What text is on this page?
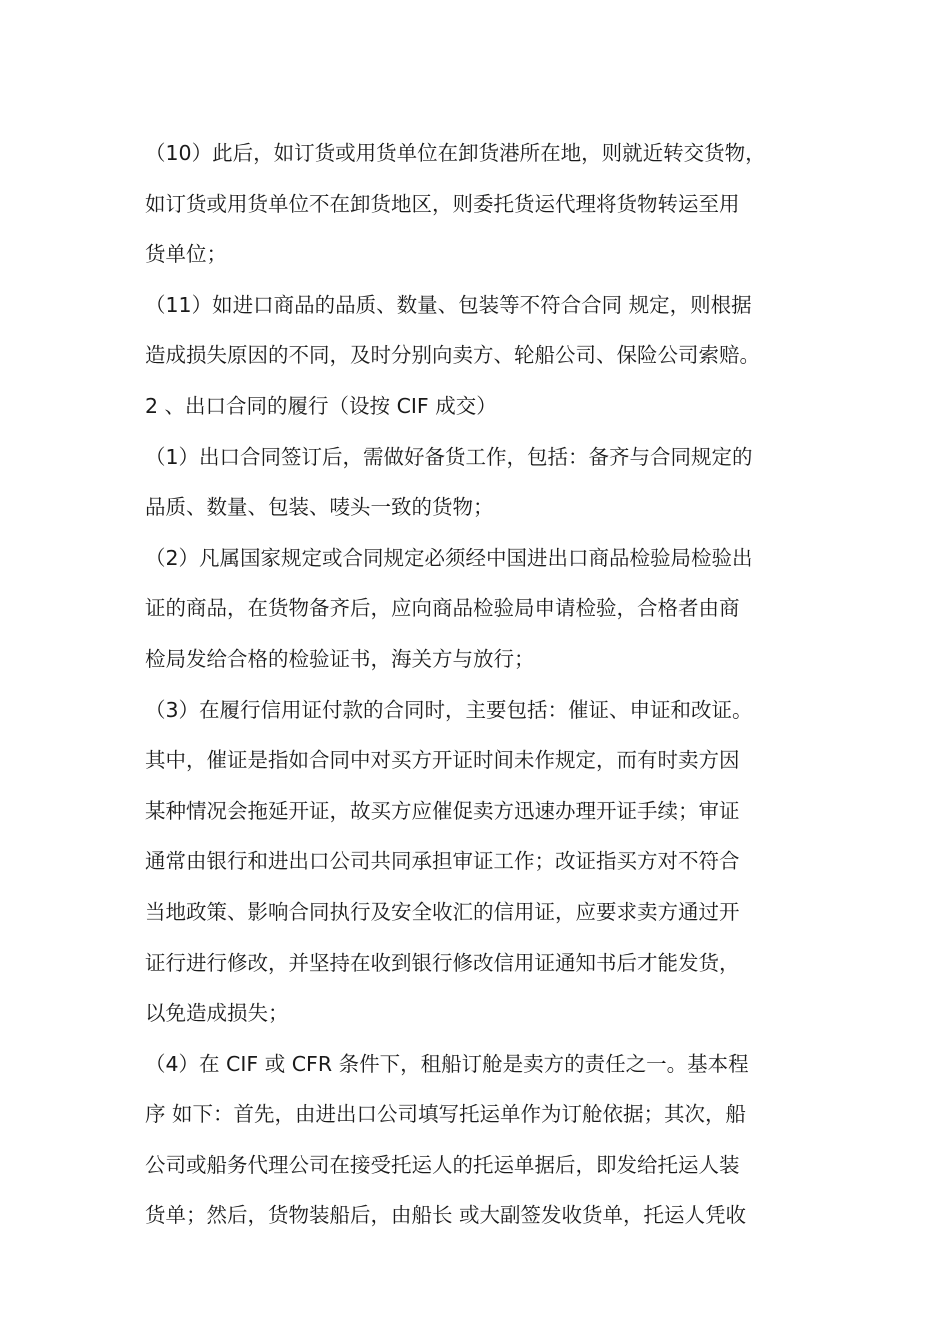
（10）此后，如订货或用货单位在卸货港所在地，则就近转交货物，
如订货或用货单位不在卸货地区，则委托货运代理将货物转运至用
货单位；
（11）如进口商品的品质、数量、包装等不符合合同 规定，则根据
造成损失原因的不同，及时分别向卖方、轮船公司、保险公司索赔。
2 、出口合同的履行（设按 CIF 成交）
（1）出口合同签订后，需做好备货工作，包括：备齐与合同规定的
品质、数量、包装、唛头一致的货物；
（2）凡属国家规定或合同规定必须经中国进出口商品检验局检验出
证的商品，在货物备齐后，应向商品检验局申请检验，合格者由商
检局发给合格的检验证书，海关方与放行；
（3）在履行信用证付款的合同时，主要包括：催证、申证和改证。
其中，催证是指如合同中对买方开证时间未作规定，而有时卖方因
某种情况会拖延开证，故买方应催促卖方迅速办理开证手续；审证
通常由银行和进出口公司共同承担审证工作；改证指买方对不符合
当地政策、影响合同执行及安全收汇的信用证，应要求卖方通过开
证行进行修改，并坚持在收到银行修改信用证通知书后才能发货，
以免造成损失；
（4）在 CIF 或 CFR 条件下，租船订舱是卖方的责任之一。基本程
序 如下：首先，由进出口公司填写托运单作为订舱依据；其次，船
公司或船务代理公司在接受托运人的托运单据后，即发给托运人装
货单；然后，货物装船后，由船长 或大副签发收货单，托运人凭收
